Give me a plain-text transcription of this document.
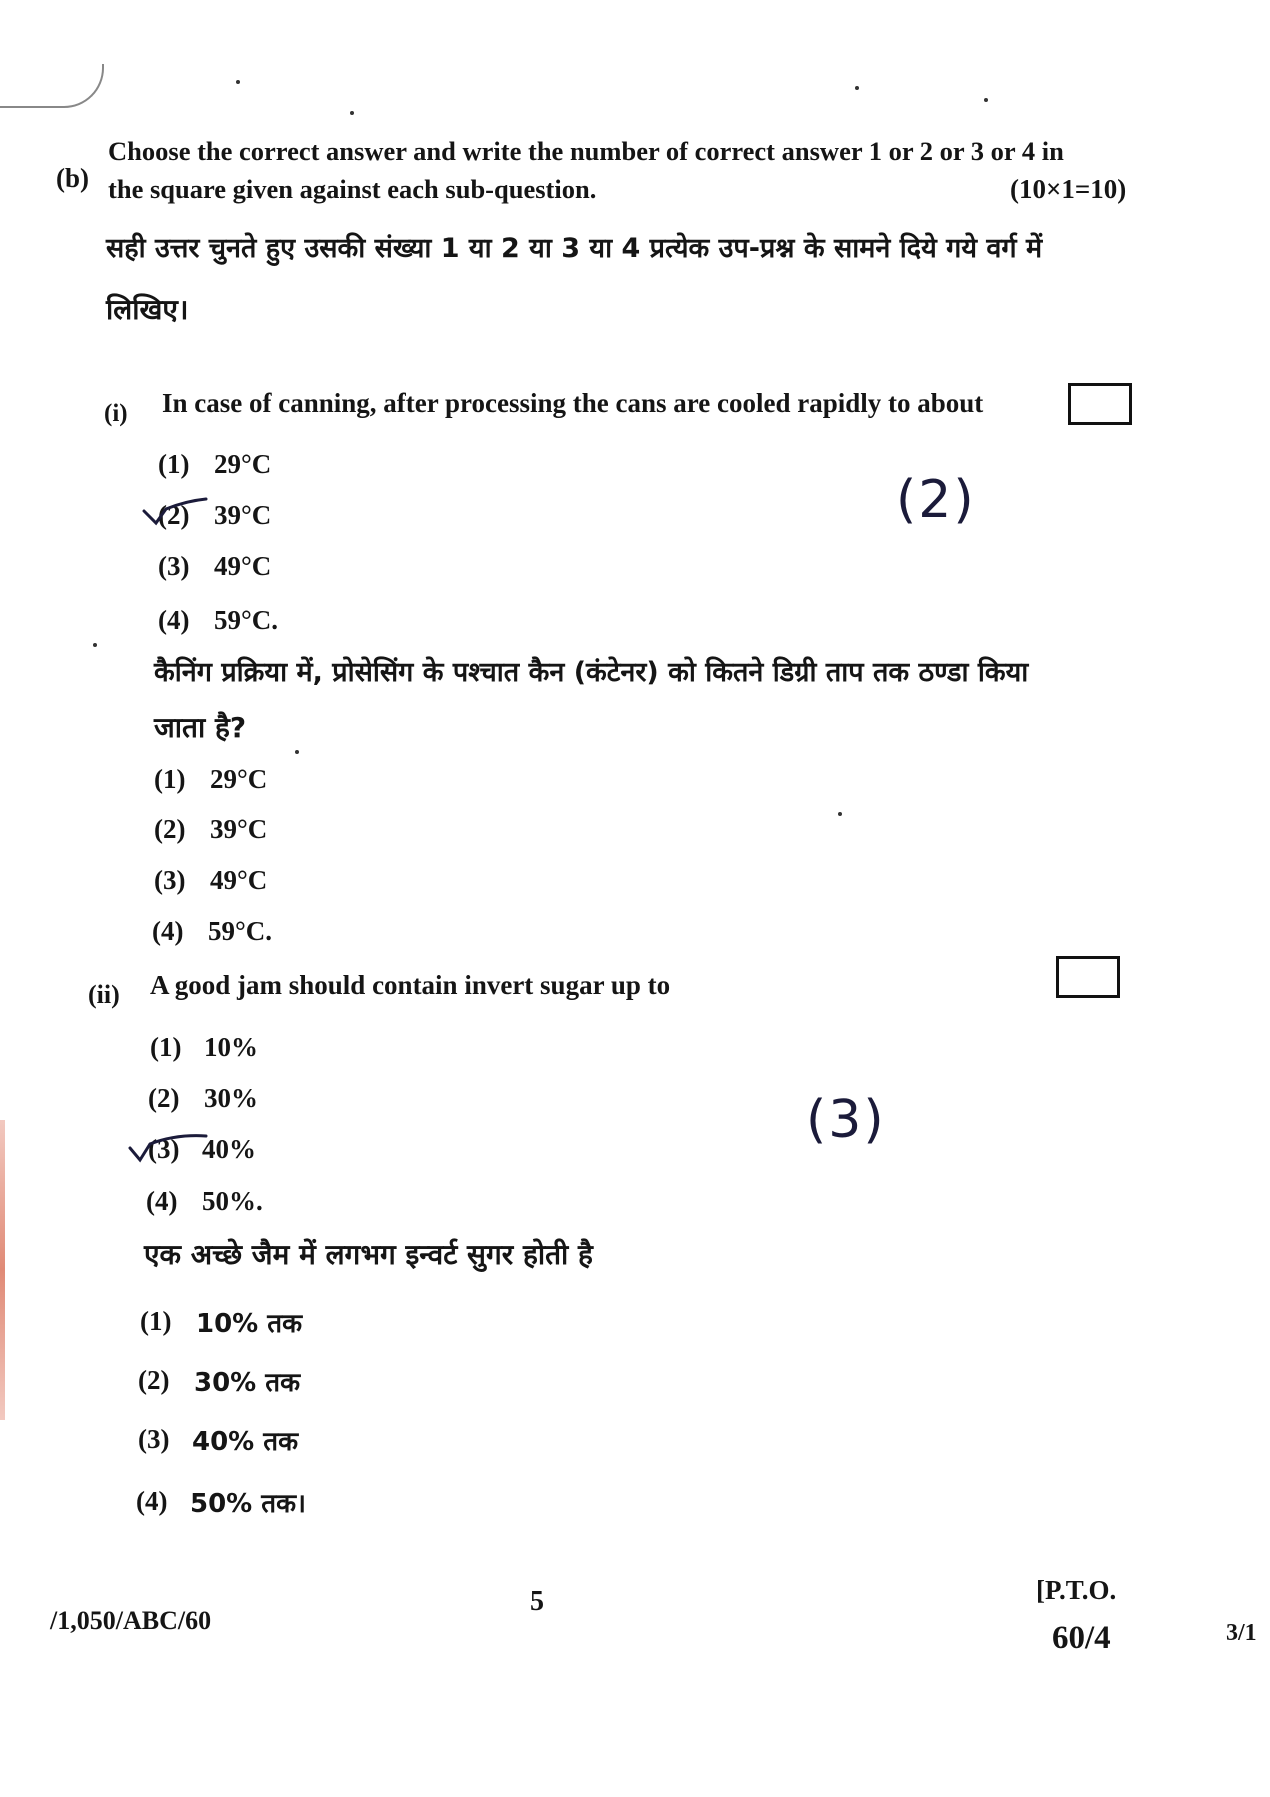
(b)
Choose the correct answer and write the number of correct answer 1 or 2 or 3 or 4 in
the square given against each sub-question.	(10×1=10)
सही उत्तर चुनते हुए उसकी संख्या 1 या 2 या 3 या 4 प्रत्येक उप-प्रश्न के सामने दिये गये वर्ग में
लिखिए।
(i) In case of canning, after processing the cans are cooled rapidly to about
(1) 29°C
(2) 39°C
(3) 49°C
(4) 59°C.
(2)
कैनिंग प्रक्रिया में, प्रोसेसिंग के पश्चात कैन (कंटेनर) को कितने डिग्री ताप तक ठण्डा किया
जाता है?
(1) 29°C
(2) 39°C
(3) 49°C
(4) 59°C.
(ii) A good jam should contain invert sugar up to
(1) 10%
(2) 30%
(3) 40%
(4) 50%.
(3)
एक अच्छे जैम में लगभग इन्वर्ट सुगर होती है
(1) 10% तक
(2) 30% तक
(3) 40% तक
(4) 50% तक।
/1,050/ABC/60
5	[P.T.O.
60/4	3/1
